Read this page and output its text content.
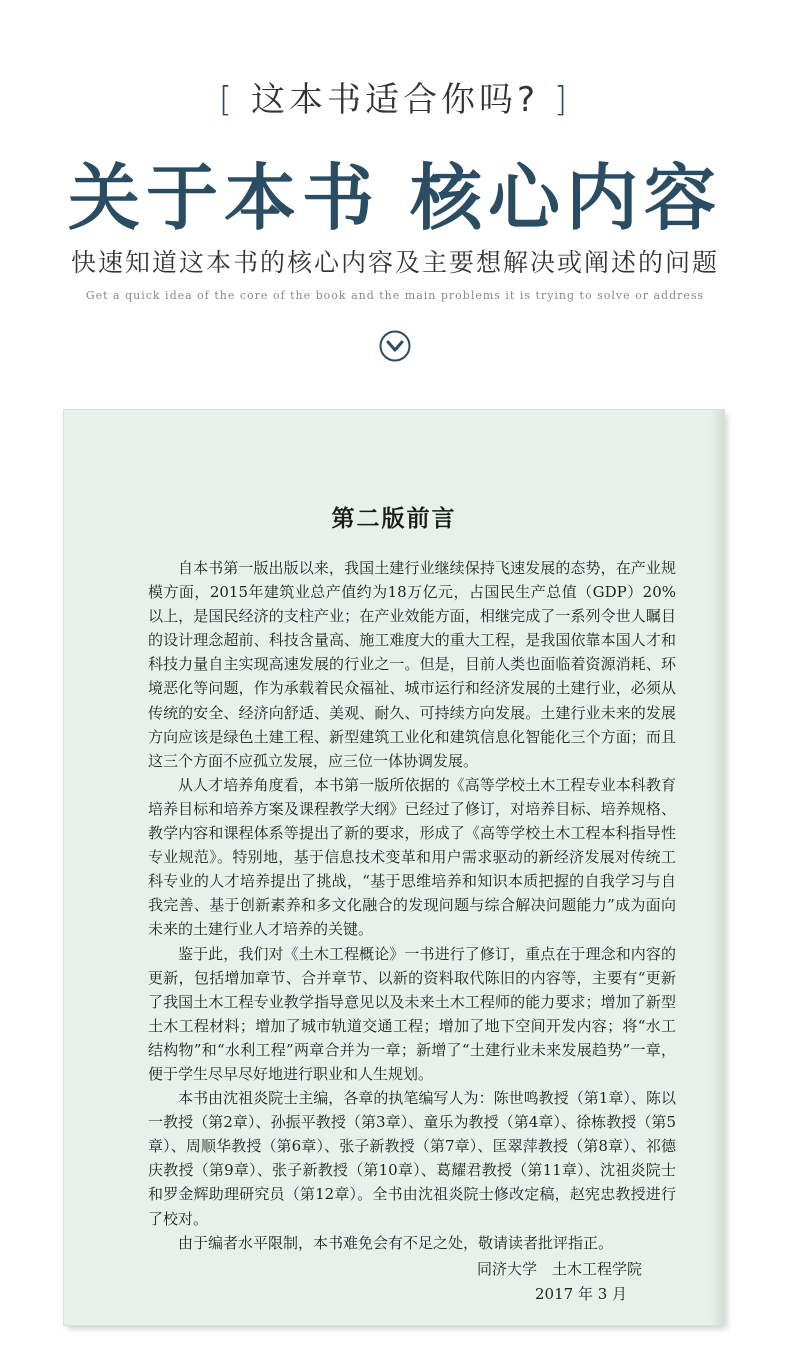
[ 这本书适合你吗? ]
关于本书 核心内容
快速知道这本书的核心内容及主要想解决或阐述的问题
Get a quick idea of the core of the book and the main problems it is trying to solve or address
第二版前言

自本书第一版出版以来，我国土建行业继续保持飞速发展的态势，在产业规模方面，2015年建筑业总产值约为18万亿元，占国民生产总值（GDP）20%以上，是国民经济的支柱产业；在产业效能方面，相继完成了一系列令世人瞩目的设计理念超前、科技含量高、施工难度大的重大工程，是我国依靠本国人才和科技力量自主实现高速发展的行业之一。但是，目前人类也面临着资源消耗、环境恶化等问题，作为承载着民众福祉、城市运行和经济发展的土建行业，必须从传统的安全、经济向舒适、美观、耐久、可持续方向发展。土建行业未来的发展方向应该是绿色土建工程、新型建筑工业化和建筑信息化智能化三个方面；而且这三个方面不应孤立发展，应三位一体协调发展。

从人才培养角度看，本书第一版所依据的《高等学校土木工程专业本科教育培养目标和培养方案及课程教学大纲》已经过了修订，对培养目标、培养规格、教学内容和课程体系等提出了新的要求，形成了《高等学校土木工程本科指导性专业规范》。特别地，基于信息技术变革和用户需求驱动的新经济发展对传统工科专业的人才培养提出了挑战，“基于思维培养和知识本质把握的自我学习与自我完善、基于创新素养和多文化融合的发现问题与综合解决问题能力”成为面向未来的土建行业人才培养的关键。

鉴于此，我们对《土木工程概论》一书进行了修订，重点在于理念和内容的更新，包括增加章节、合并章节、以新的资料取代陈旧的内容等，主要有“更新了我国土木工程专业教学指导意见以及未来土木工程师的能力要求；增加了新型土木工程材料；增加了城市轨道交通工程；增加了地下空间开发内容；将“水工结构物”和“水利工程”两章合并为一章；新增了“土建行业未来发展趋势”一章，便于学生尽早尽好地进行职业和人生规划。

本书由沈祖炎院士主编，各章的执笔编写人为：陈世鸣教授（第1章）、陈以一教授（第2章）、孙振平教授（第3章）、童乐为教授（第4章）、徐栋教授（第5章）、周顺华教授（第6章）、张子新教授（第7章）、匡翠萍教授（第8章）、祁德庆教授（第9章）、张子新教授（第10章）、葛耀君教授（第11章）、沈祖炎院士和罗金辉助理研究员（第12章）。全书由沈祖炎院士修改定稿，赵宪忠教授进行了校对。

由于编者水平限制，本书难免会有不足之处，敬请读者批评指正。

同济大学　土木工程学院
2017 年 3 月
